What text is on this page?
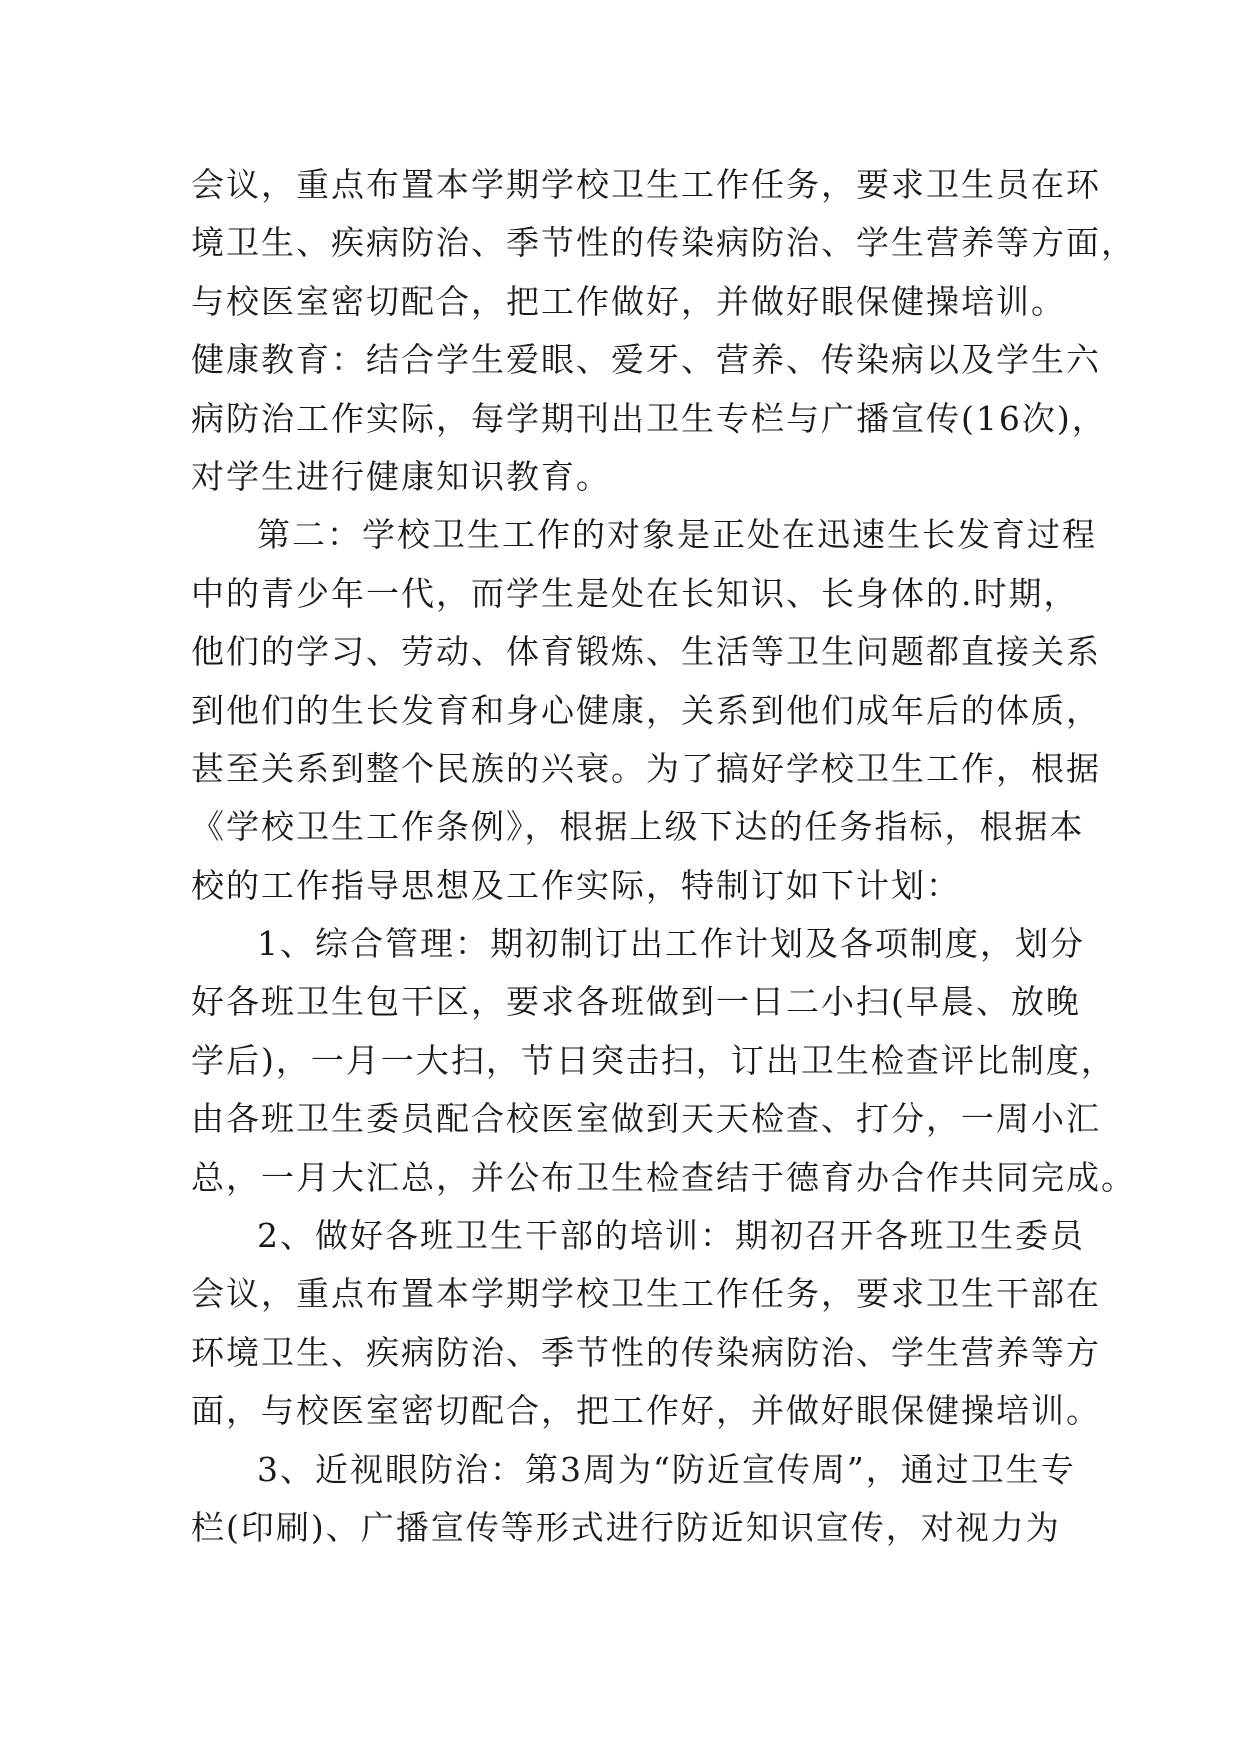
会议，重点布置本学期学校卫生工作任务，要求卫生员在环
境卫生、疾病防治、季节性的传染病防治、学生营养等方面，
与校医室密切配合，把工作做好，并做好眼保健操培训。
健康教育：结合学生爱眼、爱牙、营养、传染病以及学生六
病防治工作实际，每学期刊出卫生专栏与广播宣传(16次)，
对学生进行健康知识教育。
第二：学校卫生工作的对象是正处在迅速生长发育过程
中的青少年一代，而学生是处在长知识、长身体的.时期，
他们的学习、劳动、体育锻炼、生活等卫生问题都直接关系
到他们的生长发育和身心健康，关系到他们成年后的体质，
甚至关系到整个民族的兴衰。为了搞好学校卫生工作，根据
《学校卫生工作条例》，根据上级下达的任务指标，根据本
校的工作指导思想及工作实际，特制订如下计划：
1、综合管理：期初制订出工作计划及各项制度，划分
好各班卫生包干区，要求各班做到一日二小扫(早晨、放晚
学后)，一月一大扫，节日突击扫，订出卫生检查评比制度，
由各班卫生委员配合校医室做到天天检查、打分，一周小汇
总，一月大汇总，并公布卫生检查结于德育办合作共同完成。
2、做好各班卫生干部的培训：期初召开各班卫生委员
会议，重点布置本学期学校卫生工作任务，要求卫生干部在
环境卫生、疾病防治、季节性的传染病防治、学生营养等方
面，与校医室密切配合，把工作好，并做好眼保健操培训。
3、近视眼防治：第3周为“防近宣传周”，通过卫生专
栏(印刷)、广播宣传等形式进行防近知识宣传，对视力为
